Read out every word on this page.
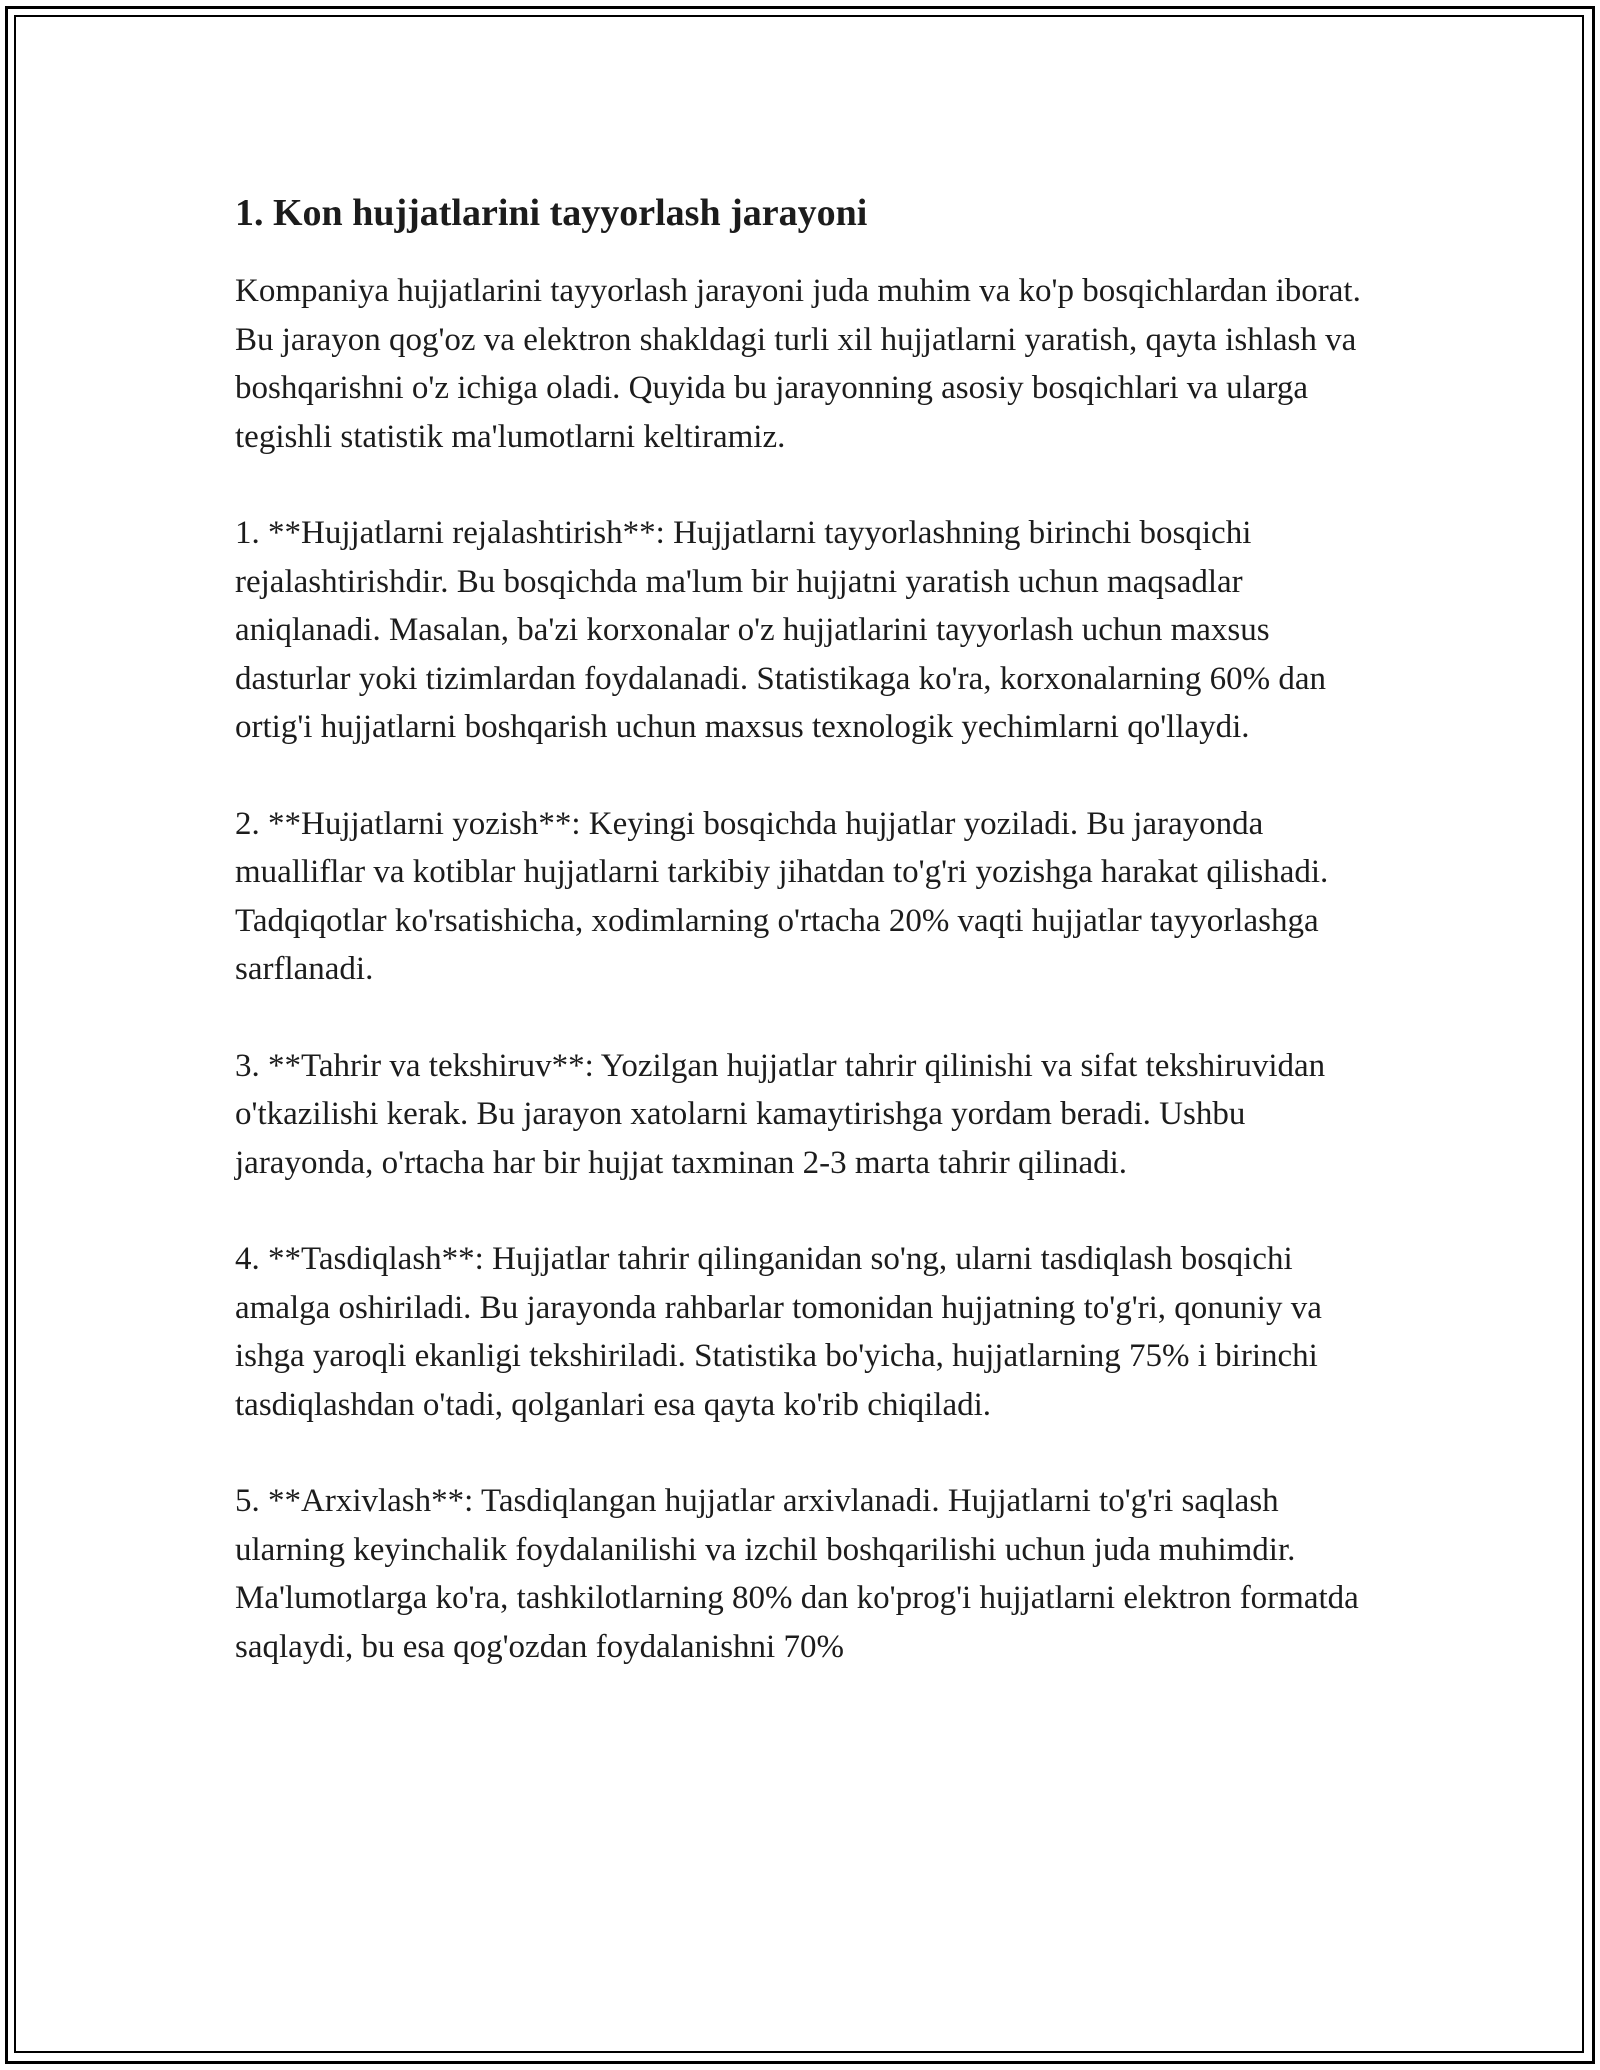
1. Kon hujjatlarini tayyorlash jarayoni

Kompaniya hujjatlarini tayyorlash jarayoni juda muhim va ko'p bosqichlardan iborat. Bu jarayon qog'oz va elektron shakldagi turli xil hujjatlarni yaratish, qayta ishlash va boshqarishni o'z ichiga oladi. Quyida bu jarayonning asosiy bosqichlari va ularga tegishli statistik ma'lumotlarni keltiramiz.

1. **Hujjatlarni rejalashtirish**: Hujjatlarni tayyorlashning birinchi bosqichi rejalashtirishdir. Bu bosqichda ma'lum bir hujjatni yaratish uchun maqsadlar aniqlanadi. Masalan, ba'zi korxonalar o'z hujjatlarini tayyorlash uchun maxsus dasturlar yoki tizimlardan foydalanadi. Statistikaga ko'ra, korxonalarning 60% dan ortig'i hujjatlarni boshqarish uchun maxsus texnologik yechimlarni qo'llaydi.

2. **Hujjatlarni yozish**: Keyingi bosqichda hujjatlar yoziladi. Bu jarayonda mualliflar va kotiblar hujjatlarni tarkibiy jihatdan to'g'ri yozishga harakat qilishadi. Tadqiqotlar ko'rsatishicha, xodimlarning o'rtacha 20% vaqti hujjatlar tayyorlashga sarflanadi.

3. **Tahrir va tekshiruv**: Yozilgan hujjatlar tahrir qilinishi va sifat tekshiruvidan o'tkazilishi kerak. Bu jarayon xatolarni kamaytirishga yordam beradi. Ushbu jarayonda, o'rtacha har bir hujjat taxminan 2-3 marta tahrir qilinadi.

4. **Tasdiqlash**: Hujjatlar tahrir qilinganidan so'ng, ularni tasdiqlash bosqichi amalga oshiriladi. Bu jarayonda rahbarlar tomonidan hujjatning to'g'ri, qonuniy va ishga yaroqli ekanligi tekshiriladi. Statistika bo'yicha, hujjatlarning 75% i birinchi tasdiqlashdan o'tadi, qolganlari esa qayta ko'rib chiqiladi.

5. **Arxivlash**: Tasdiqlangan hujjatlar arxivlanadi. Hujjatlarni to'g'ri saqlash ularning keyinchalik foydalanilishi va izchil boshqarilishi uchun juda muhimdir. Ma'lumotlarga ko'ra, tashkilotlarning 80% dan ko'prog'i hujjatlarni elektron formatda saqlaydi, bu esa qog'ozdan foydalanishni 70%
